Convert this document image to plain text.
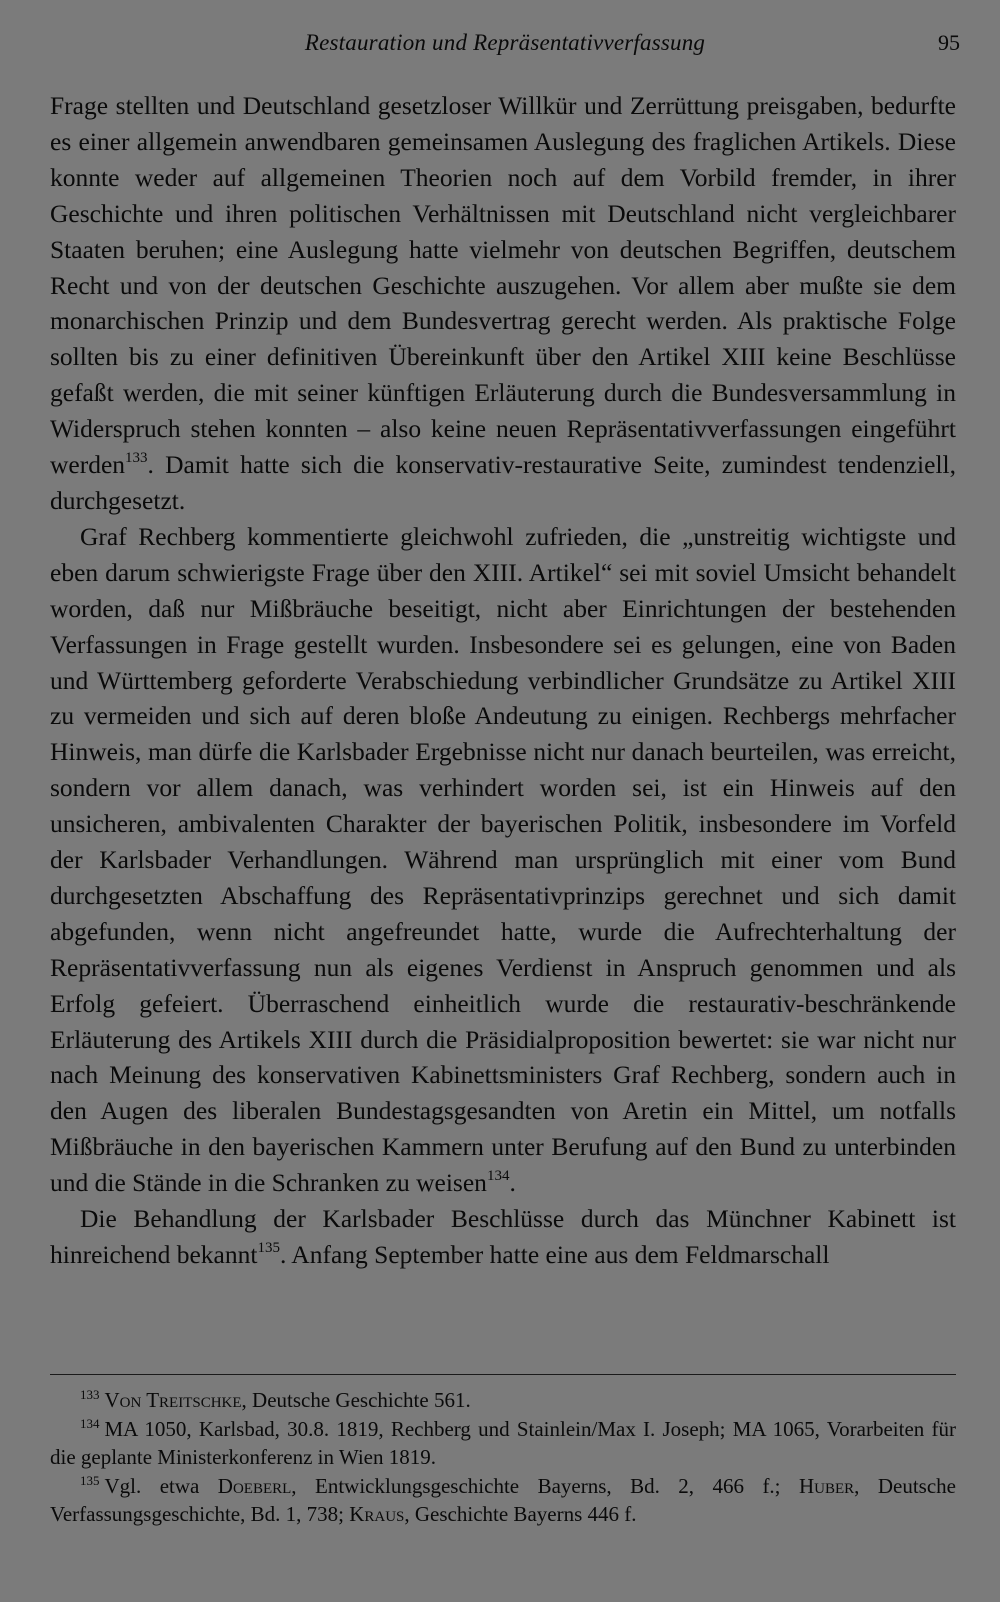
Restauration und Repräsentativverfassung	95

Frage stellten und Deutschland gesetzloser Willkür und Zerrüttung preisgaben, bedurfte es einer allgemein anwendbaren gemeinsamen Auslegung des fraglichen Artikels. Diese konnte weder auf allgemeinen Theorien noch auf dem Vorbild fremder, in ihrer Geschichte und ihren politischen Verhältnissen mit Deutschland nicht vergleichbarer Staaten beruhen; eine Auslegung hatte vielmehr von deutschen Begriffen, deutschem Recht und von der deutschen Geschichte auszugehen. Vor allem aber mußte sie dem monarchischen Prinzip und dem Bundesvertrag gerecht werden. Als praktische Folge sollten bis zu einer definitiven Übereinkunft über den Artikel XIII keine Beschlüsse gefaßt werden, die mit seiner künftigen Erläuterung durch die Bundesversammlung in Widerspruch stehen konnten – also keine neuen Repräsentativverfassungen eingeführt werden$^{133}$. Damit hatte sich die konservativ-restaurative Seite, zumindest tendenziell, durchgesetzt.

Graf Rechberg kommentierte gleichwohl zufrieden, die „unstreitig wichtigste und eben darum schwierigste Frage über den XIII. Artikel“ sei mit soviel Umsicht behandelt worden, daß nur Mißbräuche beseitigt, nicht aber Einrichtungen der bestehenden Verfassungen in Frage gestellt wurden. Insbesondere sei es gelungen, eine von Baden und Württemberg geforderte Verabschiedung verbindlicher Grundsätze zu Artikel XIII zu vermeiden und sich auf deren bloße Andeutung zu einigen. Rechbergs mehrfacher Hinweis, man dürfe die Karlsbader Ergebnisse nicht nur danach beurteilen, was erreicht, sondern vor allem danach, was verhindert worden sei, ist ein Hinweis auf den unsicheren, ambivalenten Charakter der bayerischen Politik, insbesondere im Vorfeld der Karlsbader Verhandlungen. Während man ursprünglich mit einer vom Bund durchgesetzten Abschaffung des Repräsentativprinzips gerechnet und sich damit abgefunden, wenn nicht angefreundet hatte, wurde die Aufrechterhaltung der Repräsentativverfassung nun als eigenes Verdienst in Anspruch genommen und als Erfolg gefeiert. Überraschend einheitlich wurde die restaurativ-beschränkende Erläuterung des Artikels XIII durch die Präsidialproposition bewertet: sie war nicht nur nach Meinung des konservativen Kabinettsministers Graf Rechberg, sondern auch in den Augen des liberalen Bundestagsgesandten von Aretin ein Mittel, um notfalls Mißbräuche in den bayerischen Kammern unter Berufung auf den Bund zu unterbinden und die Stände in die Schranken zu weisen$^{134}$.

Die Behandlung der Karlsbader Beschlüsse durch das Münchner Kabinett ist hinreichend bekannt$^{135}$. Anfang September hatte eine aus dem Feldmarschall

$^{133}$ Von Treitschke, Deutsche Geschichte 561.

$^{134}$ MA 1050, Karlsbad, 30.8. 1819, Rechberg und Stainlein/Max I. Joseph; MA 1065, Vorarbeiten für die geplante Ministerkonferenz in Wien 1819.

$^{135}$ Vgl. etwa Doeberl, Entwicklungsgeschichte Bayerns, Bd. 2, 466 f.; Huber, Deutsche Verfassungsgeschichte, Bd. 1, 738; Kraus, Geschichte Bayerns 446 f.
